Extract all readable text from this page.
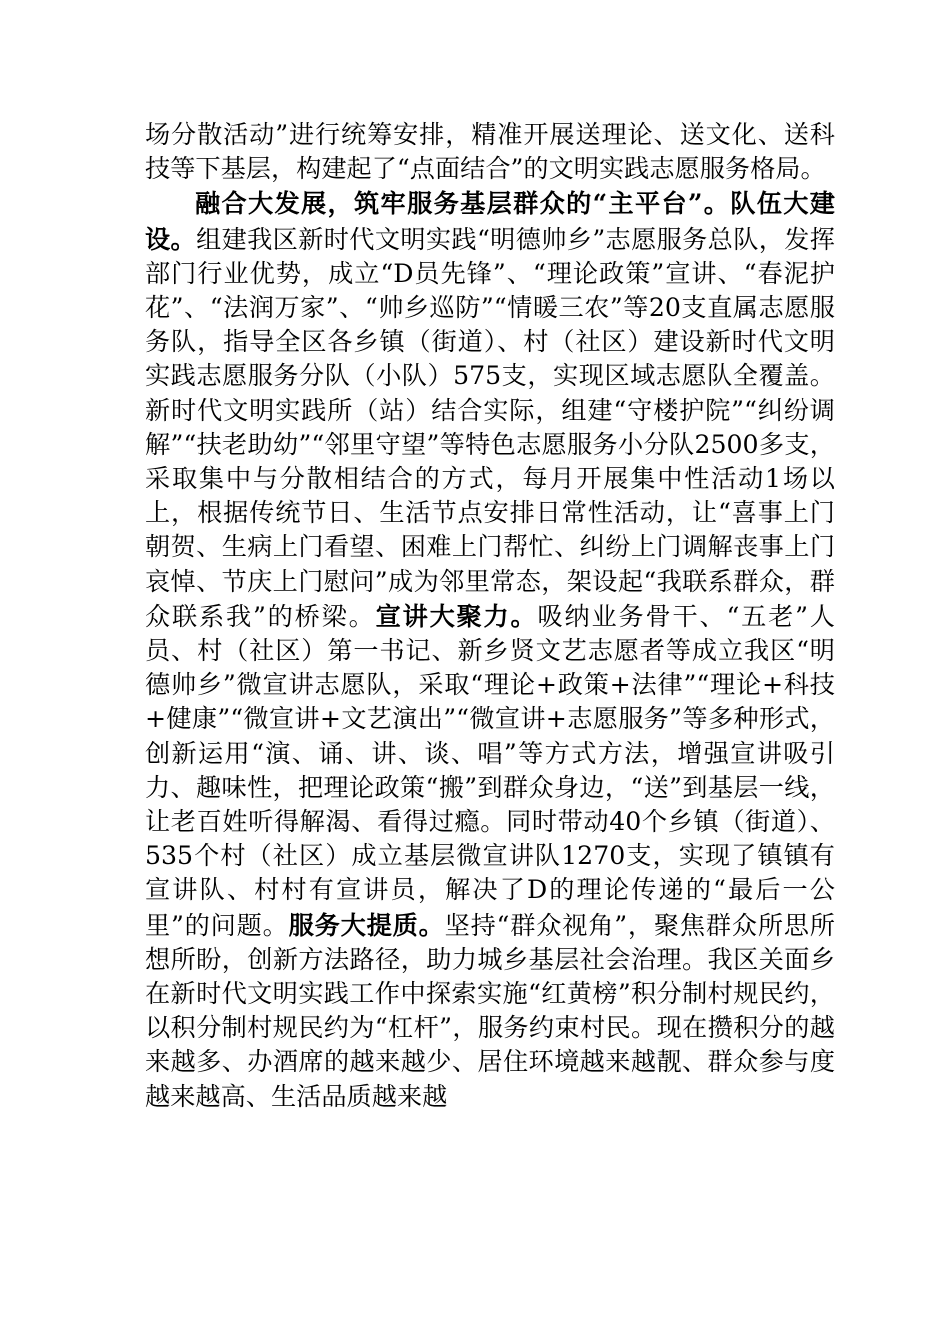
场分散活动”进行统筹安排，精准开展送理论、送文化、送科技等下基层，构建起了“点面结合”的文明实践志愿服务格局。

融合大发展，筑牢服务基层群众的“主平台”。队伍大建设。组建我区新时代文明实践“明德帅乡”志愿服务总队，发挥部门行业优势，成立“D员先锋”、“理论政策”宣讲、“春泥护花”、“法润万家”、“帅乡巡防”“情暖三农”等20支直属志愿服务队，指导全区各乡镇（街道）、村（社区）建设新时代文明实践志愿服务分队（小队）575支，实现区域志愿队全覆盖。新时代文明实践所（站）结合实际，组建“守楼护院”“纠纷调解”“扶老助幼”“邻里守望”等特色志愿服务小分队2500多支，采取集中与分散相结合的方式，每月开展集中性活动1场以上，根据传统节日、生活节点安排日常性活动，让“喜事上门朝贺、生病上门看望、困难上门帮忙、纠纷上门调解丧事上门哀悼、节庆上门慰问”成为邻里常态，架设起“我联系群众，群众联系我”的桥梁。宣讲大聚力。吸纳业务骨干、“五老”人员、村（社区）第一书记、新乡贤文艺志愿者等成立我区“明德帅乡”微宣讲志愿队，采取“理论+政策+法律”“理论+科技+健康”“微宣讲+文艺演出”“微宣讲+志愿服务”等多种形式，创新运用“演、诵、讲、谈、唱”等方式方法，增强宣讲吸引力、趣味性，把理论政策“搬”到群众身边，“送”到基层一线，让老百姓听得解渴、看得过瘾。同时带动40个乡镇（街道）、535个村（社区）成立基层微宣讲队1270支，实现了镇镇有宣讲队、村村有宣讲员，解决了D的理论传递的“最后一公里”的问题。服务大提质。坚持“群众视角”，聚焦群众所思所想所盼，创新方法路径，助力城乡基层社会治理。我区关面乡在新时代文明实践工作中探索实施“红黄榜”积分制村规民约，以积分制村规民约为“杠杆”，服务约束村民。现在攒积分的越来越多、办酒席的越来越少、居住环境越来越靓、群众参与度越来越高、生活品质越来越
